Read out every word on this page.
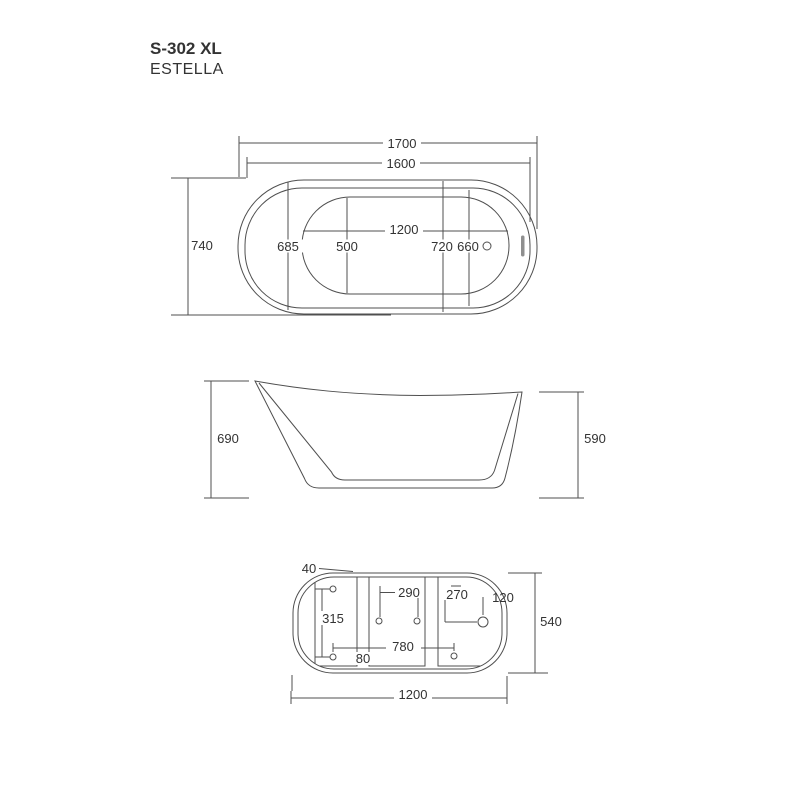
S-302 XL
ESTELLA
1700
1600
740	685	500
1200
720 660
690	590
40
290 270 120
315	540
780
80
1200
